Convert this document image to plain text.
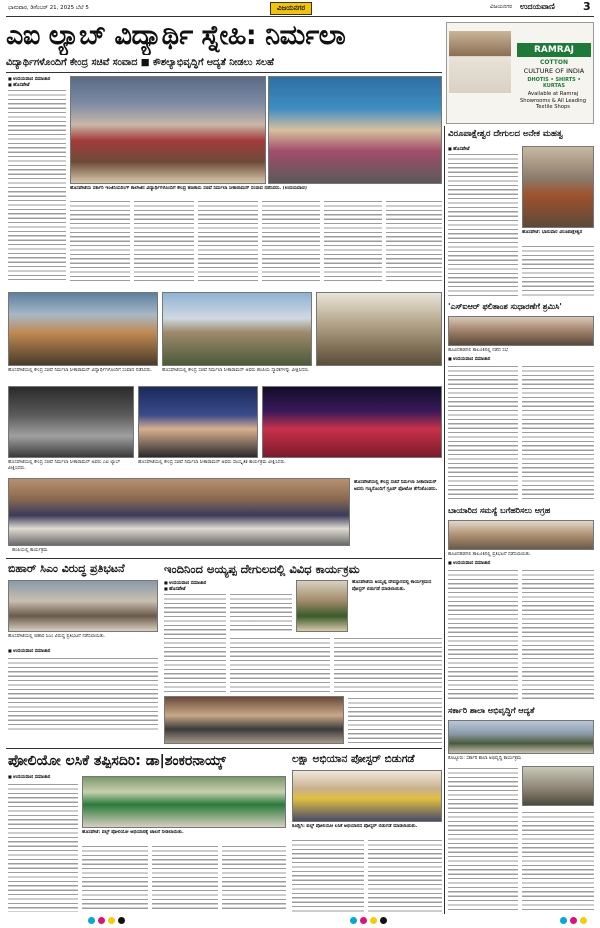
ಭಾನುವಾರ, ಡಿಸೆಂಬರ್ 21, 2025 ಬೆಲೆ 5	ವಿಜಯನಗರ	ವಿಜಯನಗರ ಉದಯವಾಣಿ	3
ಎಐ ಲ್ಯಾಬ್ ವಿದ್ಯಾರ್ಥಿ ಸ್ನೇಹಿ: ನಿರ್ಮಲಾ
ವಿದ್ಯಾರ್ಥಿಗಳೊಂದಿಗೆ ಕೇಂದ್ರ ಸಚಿವೆ ಸಂವಾದ ■ ಕೌಶಲ್ಯಾಭಿವೃದ್ಧಿಗೆ ಆದ್ಯತೆ ನೀಡಲು ಸಲಹೆ
RAMRAJ
COTTON
CULTURE OF INDIA
DHOTIS • SHIRTS • KURTAS
Available at Ramraj Showrooms & All Leading Textile Shops
■ ಉದಯವಾಣಿ ಸಮಾಚಾರ
■ ಹೊಸಪೇಟೆ
ಹೊಸಪೇಟೆಯ ಸರ್ಕಾರಿ ಇಂಜಿನಿಯರಿಂಗ್ ಕಾಲೇಜಿನ ವಿದ್ಯಾರ್ಥಿಗಳೊಂದಿಗೆ ಕೇಂದ್ರ ಹಣಕಾಸು ಸಚಿವೆ ನಿರ್ಮಲಾ ಸೀತಾರಾಮನ್ ಸಂವಾದ ನಡೆಸಿದರು. (ಉದಯವಾಣಿ)
ಹೊಸಪೇಟೆಯಲ್ಲಿ ಕೇಂದ್ರ ಸಚಿವೆ ನಿರ್ಮಲಾ ಸೀತಾರಾಮನ್ ವಿದ್ಯಾರ್ಥಿಗಳೊಂದಿಗೆ ಸಂವಾದ ನಡೆಸಿದರು.	ಹೊಸಪೇಟೆಯಲ್ಲಿ ಕೇಂದ್ರ ಸಚಿವೆ ನಿರ್ಮಲಾ ಸೀತಾರಾಮನ್ ಅವರು ಹಂಪಿಯ ಸ್ಮಾರಕಗಳನ್ನು ವೀಕ್ಷಿಸಿದರು.
ಹೊಸಪೇಟೆಯಲ್ಲಿ ಕೇಂದ್ರ ಸಚಿವೆ ನಿರ್ಮಲಾ ಸೀತಾರಾಮನ್ ಅವರು ಎಐ ಲ್ಯಾಬ್ ವೀಕ್ಷಿಸಿದರು.
ಹೊಸಪೇಟೆಯಲ್ಲಿ ಕೇಂದ್ರ ಸಚಿವೆ ನಿರ್ಮಲಾ ಸೀತಾರಾಮನ್ ಅವರು ಸಾಂಸ್ಕೃತಿಕ ಕಾರ್ಯಕ್ರಮ ವೀಕ್ಷಿಸಿದರು.
ಹಂಪಿಯಲ್ಲಿ ಕಾರ್ಯಕ್ರಮ
ಹೊಸಪೇಟೆಯಲ್ಲಿ ಕೇಂದ್ರ ಸಚಿವೆ ನಿರ್ಮಲಾ ಸೀತಾರಾಮನ್ ಅವರು ಗಣ್ಯರೊಂದಿಗೆ ಗ್ರೂಪ್ ಫೋಟೋ ತೆಗೆಸಿಕೊಂಡರು.
ಬಿಹಾರ್ ಸಿಎಂ ವಿರುದ್ಧ ಪ್ರತಿಭಟನೆ
ಹೊಸಪೇಟೆಯಲ್ಲಿ ಬಿಹಾರ ಸಿಎಂ ವಿರುದ್ಧ ಪ್ರತಿಭಟನೆ ನಡೆಸಲಾಯಿತು.
■ ಉದಯವಾಣಿ ಸಮಾಚಾರ
ಇಂದಿನಿಂದ ಅಯ್ಯಪ್ಪ ದೇಗುಲದಲ್ಲಿ ವಿವಿಧ ಕಾರ್ಯಕ್ರಮ
■ ಉದಯವಾಣಿ ಸಮಾಚಾರ
■ ಹೊಸಪೇಟೆ
ಹೊಸಪೇಟೆಯ ಅಯ್ಯಪ್ಪ ದೇವಸ್ಥಾನದಲ್ಲಿ ಕಾರ್ಯಕ್ರಮದ ಪೋಸ್ಟರ್ ಬಿಡುಗಡೆ ಮಾಡಲಾಯಿತು.
ಪೋಲಿಯೋ ಲಸಿಕೆ ತಪ್ಪಿಸದಿರಿ: ಡಾ|ಶಂಕರನಾಯ್ಕ್
■ ಉದಯವಾಣಿ ಸಮಾಚಾರ
ಹೊಸಪೇಟೆ: ಪಲ್ಸ್ ಪೋಲಿಯೋ ಅಭಿಯಾನಕ್ಕೆ ಚಾಲನೆ ನೀಡಲಾಯಿತು.
ಲಕ್ಷಾ ಅಭಿಯಾನ ಪೋಸ್ಟರ್ ಬಿಡುಗಡೆ
ಕೂಡ್ಲಿಗಿ: ಪಲ್ಸ್ ಪೋಲಿಯೋ ಲಸಿಕೆ ಅಭಿಯಾನದ ಪೋಸ್ಟರ್ ಬಿಡುಗಡೆ ಮಾಡಲಾಯಿತು.
ವಿರೂಪಾಕ್ಷೇಶ್ವರ ದೇಗುಲದ ಅನೇಕ ಮಹತ್ವ
■ ಹೊಸಪೇಟೆ
ಹೊಸಪೇಟೆ: ಭಾನುವಾರ ವಿರೂಪಾಕ್ಷೇಶ್ವರ
'ಎಸ್ಐಆರ್ ಫಲಿತಾಂಶ ಸುಧಾರಣೆಗೆ ಶ್ರಮಿಸಿ'
ಹೂವಿನಹಡಗಲಿ ತಾಲೂಕಿನಲ್ಲಿ ನಡೆದ ಸಭೆ
■ ಉದಯವಾಣಿ ಸಮಾಚಾರ
ಬಾಯಾರಿದ ಸಮಸ್ಯೆ ಬಗೆಹರಿಸಲು ಆಗ್ರಹ
ಹೂವಿನಹಡಗಲಿ ತಾಲೂಕಿನಲ್ಲಿ ಪ್ರತಿಭಟನೆ ನಡೆಸಲಾಯಿತು.
■ ಉದಯವಾಣಿ ಸಮಾಚಾರ
ಸರ್ಕಾರಿ ಶಾಲಾ ಅಭಿವೃದ್ಧಿಗೆ ಆದ್ಯತೆ
ಕೊಟ್ಟೂರು: ಸರ್ಕಾರಿ ಶಾಲಾ ಅಭಿವೃದ್ಧಿ ಕಾರ್ಯಕ್ರಮ
